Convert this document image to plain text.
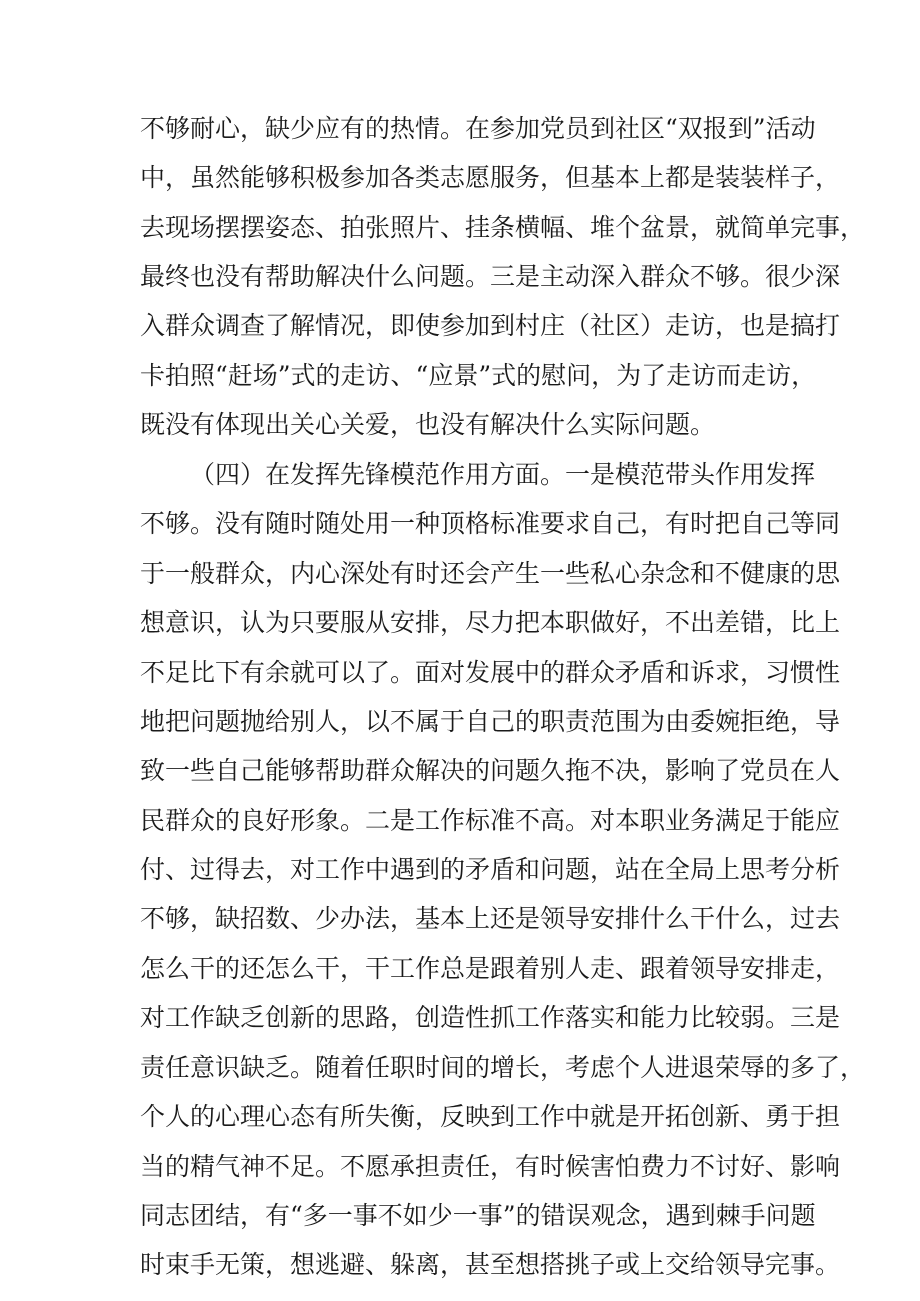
不够耐心，缺少应有的热情。在参加党员到社区“双报到”活动
中，虽然能够积极参加各类志愿服务，但基本上都是装装样子，
去现场摆摆姿态、拍张照片、挂条横幅、堆个盆景，就简单完事，
最终也没有帮助解决什么问题。三是主动深入群众不够。很少深
入群众调查了解情况，即使参加到村庄（社区）走访，也是搞打
卡拍照“赶场”式的走访、“应景”式的慰问，为了走访而走访，
既没有体现出关心关爱，也没有解决什么实际问题。
（四）在发挥先锋模范作用方面。一是模范带头作用发挥
不够。没有随时随处用一种顶格标准要求自己，有时把自己等同
于一般群众，内心深处有时还会产生一些私心杂念和不健康的思
想意识，认为只要服从安排，尽力把本职做好，不出差错，比上
不足比下有余就可以了。面对发展中的群众矛盾和诉求，习惯性
地把问题抛给别人，以不属于自己的职责范围为由委婉拒绝，导
致一些自己能够帮助群众解决的问题久拖不决，影响了党员在人
民群众的良好形象。二是工作标准不高。对本职业务满足于能应
付、过得去，对工作中遇到的矛盾和问题，站在全局上思考分析
不够，缺招数、少办法，基本上还是领导安排什么干什么，过去
怎么干的还怎么干，干工作总是跟着别人走、跟着领导安排走，
对工作缺乏创新的思路，创造性抓工作落实和能力比较弱。三是
责任意识缺乏。随着任职时间的增长，考虑个人进退荣辱的多了，
个人的心理心态有所失衡，反映到工作中就是开拓创新、勇于担
当的精气神不足。不愿承担责任，有时候害怕费力不讨好、影响
同志团结，有“多一事不如少一事”的错误观念，遇到棘手问题
时束手无策，想逃避、躲离，甚至想搭挑子或上交给领导完事。
